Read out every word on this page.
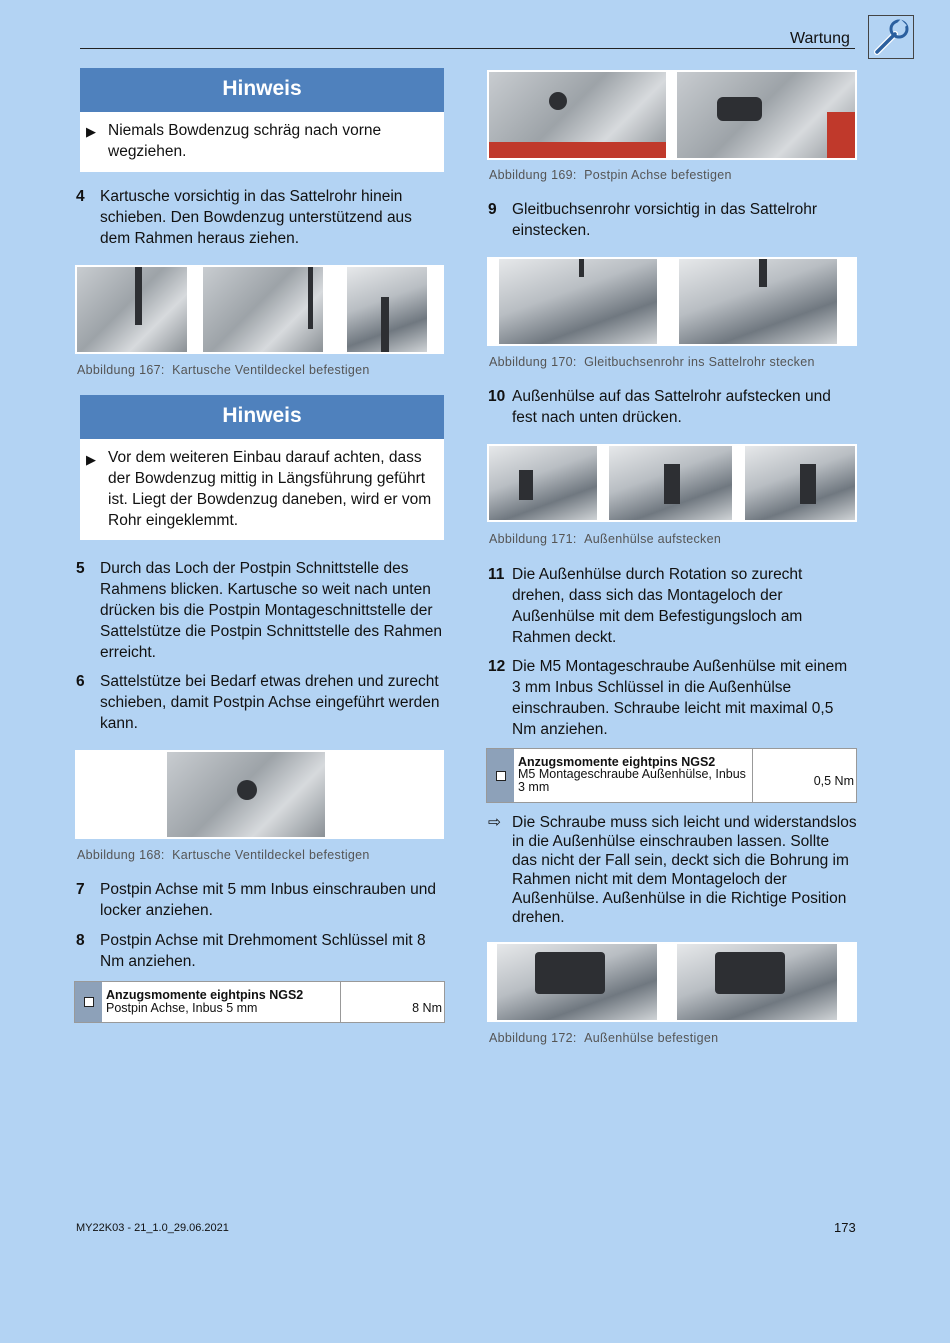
Wartung
Hinweis
▶ Niemals Bowdenzug schräg nach vorne wegziehen.
4 Kartusche vorsichtig in das Sattelrohr hinein schieben. Den Bowdenzug unterstützend aus dem Rahmen heraus ziehen.
Abbildung 167: Kartusche Ventildeckel befestigen
Hinweis
▶ Vor dem weiteren Einbau darauf achten, dass der Bowdenzug mittig in Längsführung geführt ist. Liegt der Bowdenzug daneben, wird er vom Rohr eingeklemmt.
5 Durch das Loch der Postpin Schnittstelle des Rahmens blicken. Kartusche so weit nach unten drücken bis die Postpin Montageschnittstelle der Sattelstütze die Postpin Schnittstelle des Rahmen erreicht.
6 Sattelstütze bei Bedarf etwas drehen und zurecht schieben, damit Postpin Achse eingeführt werden kann.
Abbildung 168: Kartusche Ventildeckel befestigen
7 Postpin Achse mit 5 mm Inbus einschrauben und locker anziehen.
8 Postpin Achse mit Drehmoment Schlüssel mit 8 Nm anziehen.
Anzugsmomente eightpins NGS2
Postpin Achse, Inbus 5 mm	8 Nm
Abbildung 169: Postpin Achse befestigen
9 Gleitbuchsenrohr vorsichtig in das Sattelrohr einstecken.
Abbildung 170: Gleitbuchsenrohr ins Sattelrohr stecken
10 Außenhülse auf das Sattelrohr aufstecken und fest nach unten drücken.
Abbildung 171: Außenhülse aufstecken
11 Die Außenhülse durch Rotation so zurecht drehen, dass sich das Montageloch der Außenhülse mit dem Befestigungsloch am Rahmen deckt.
12 Die M5 Montageschraube Außenhülse mit einem 3 mm Inbus Schlüssel in die Außenhülse einschrauben. Schraube leicht mit maximal 0,5 Nm anziehen.
Anzugsmomente eightpins NGS2
M5 Montageschraube Außenhülse, Inbus 3 mm	0,5 Nm
⇨ Die Schraube muss sich leicht und widerstandslos in die Außenhülse einschrauben lassen. Sollte das nicht der Fall sein, deckt sich die Bohrung im Rahmen nicht mit dem Montageloch der Außenhülse. Außenhülse in die Richtige Position drehen.
Abbildung 172: Außenhülse befestigen
MY22K03 - 21_1.0_29.06.2021	173
